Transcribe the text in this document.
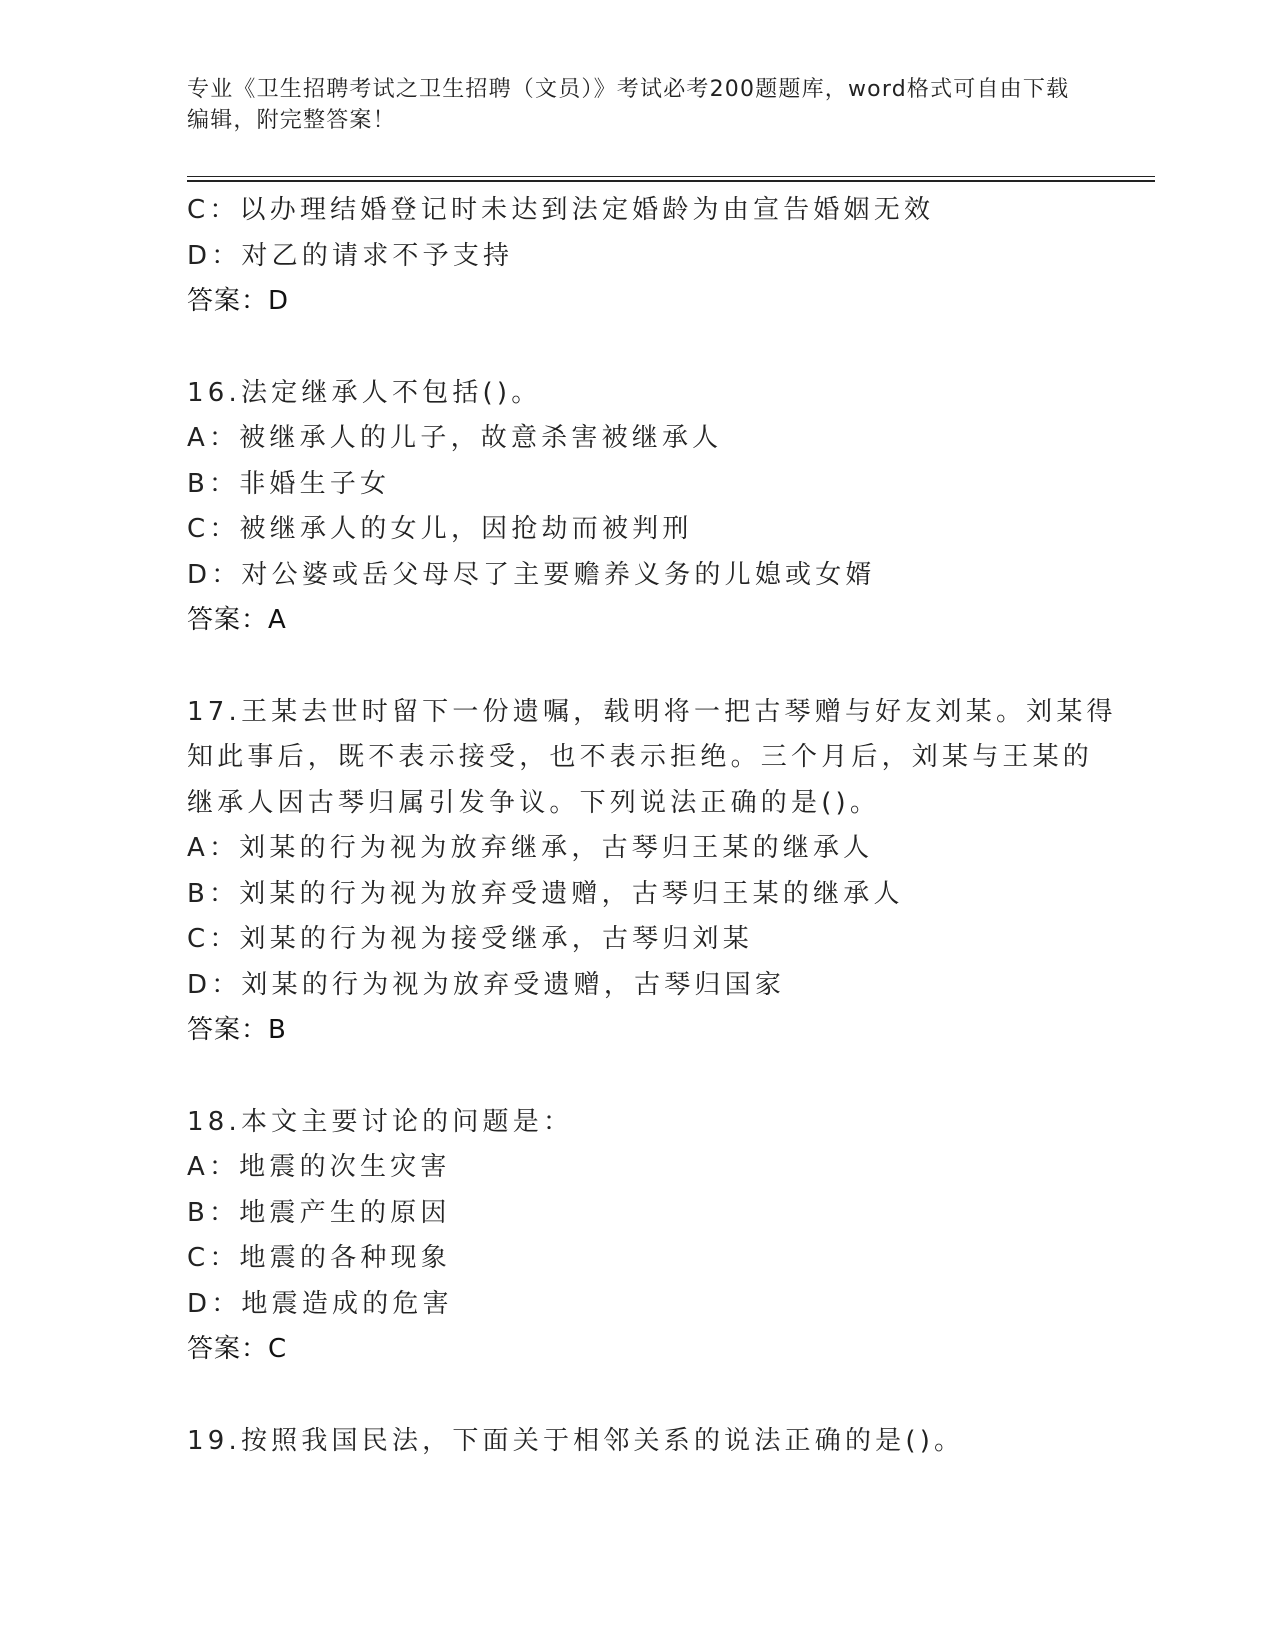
专业《卫生招聘考试之卫生招聘（文员）》考试必考200题题库，word格式可自由下载编辑，附完整答案！
C：以办理结婚登记时未达到法定婚龄为由宣告婚姻无效
D：对乙的请求不予支持
答案：D
16.法定继承人不包括()。
A：被继承人的儿子，故意杀害被继承人
B：非婚生子女
C：被继承人的女儿，因抢劫而被判刑
D：对公婆或岳父母尽了主要赡养义务的儿媳或女婿
答案：A
17.王某去世时留下一份遗嘱，载明将一把古琴赠与好友刘某。刘某得
知此事后，既不表示接受，也不表示拒绝。三个月后，刘某与王某的
继承人因古琴归属引发争议。下列说法正确的是()。
A：刘某的行为视为放弃继承，古琴归王某的继承人
B：刘某的行为视为放弃受遗赠，古琴归王某的继承人
C：刘某的行为视为接受继承，古琴归刘某
D：刘某的行为视为放弃受遗赠，古琴归国家
答案：B
18.本文主要讨论的问题是：
A：地震的次生灾害
B：地震产生的原因
C：地震的各种现象
D：地震造成的危害
答案：C
19.按照我国民法，下面关于相邻关系的说法正确的是()。
